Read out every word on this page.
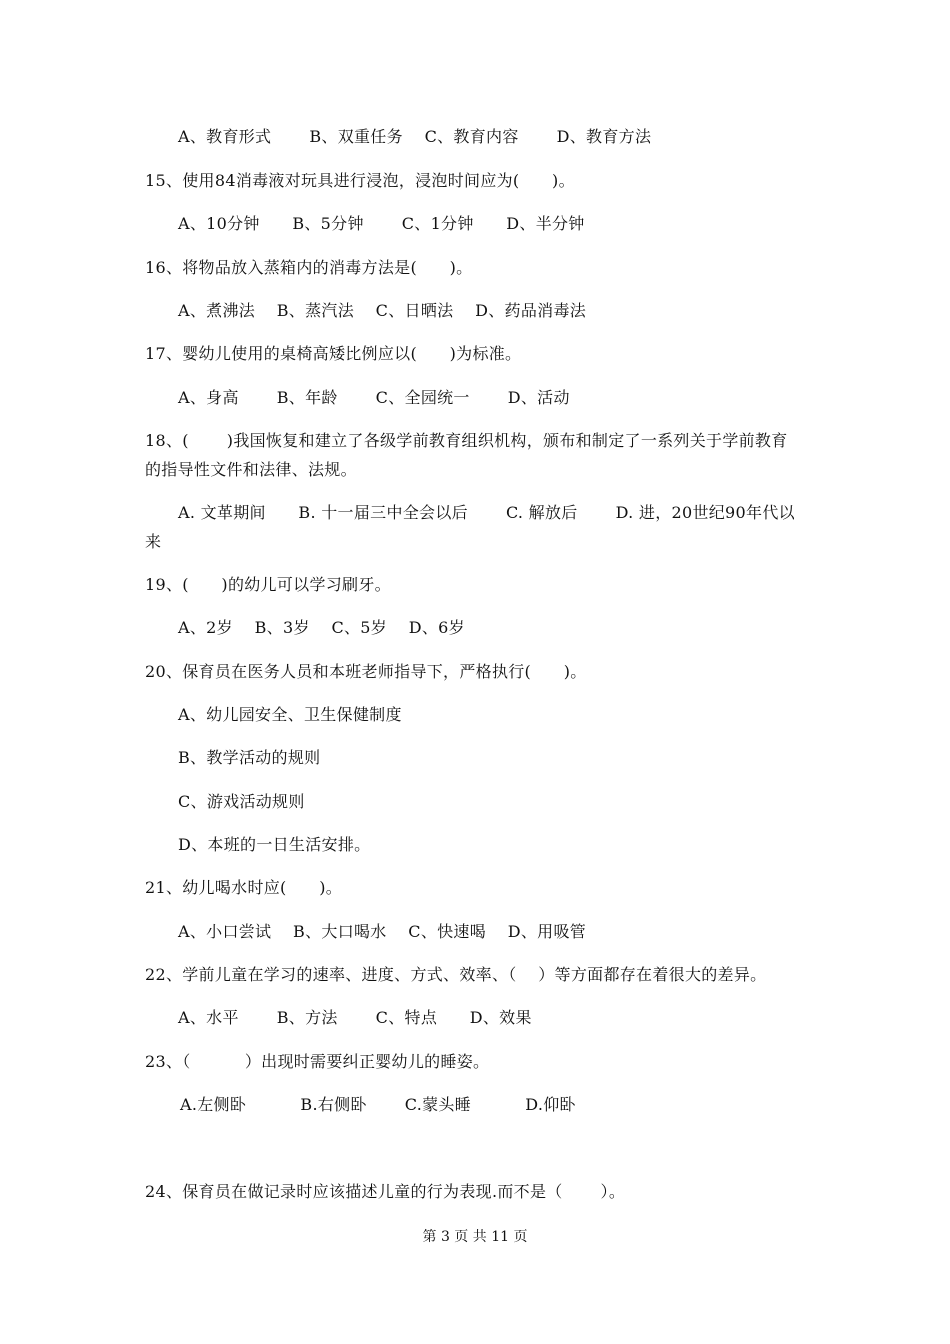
A、教育形式　　 B、双重任务　 C、教育内容　　 D、教育方法
15、使用84消毒液对玩具进行浸泡，浸泡时间应为(　　)。
A、10分钟　　B、5分钟　　 C、1分钟　　D、半分钟
16、将物品放入蒸箱内的消毒方法是(　　)。
A、煮沸法　 B、蒸汽法　 C、日晒法　 D、药品消毒法
17、婴幼儿使用的桌椅高矮比例应以(　　)为标准。
A、身高　　 B、年龄　　 C、全园统一　　 D、活动
18、(　　 )我国恢复和建立了各级学前教育组织机构，颁布和制定了一系列关于学前教育
的指导性文件和法律、法规。
A. 文革期间　　B. 十一届三中全会以后　　 C. 解放后　　 D. 进，20世纪90年代以
来
19、(　　)的幼儿可以学习刷牙。
A、2岁　 B、3岁　 C、5岁　 D、6岁
20、保育员在医务人员和本班老师指导下，严格执行(　　)。
A、幼儿园安全、卫生保健制度
B、教学活动的规则
C、游戏活动规则
D、本班的一日生活安排。
21、幼儿喝水时应(　　)。
A、小口尝试　 B、大口喝水　 C、快速喝　 D、用吸管
22、学前儿童在学习的速率、进度、方式、效率、（　 ）等方面都存在着很大的差异。
A、水平　　 B、方法　　 C、特点　　D、效果
23、（　　　 ）出现时需要纠正婴幼儿的睡姿。
A.左侧卧　　　 B.右侧卧　　 C.蒙头睡　　　 D.仰卧
24、保育员在做记录时应该描述儿童的行为表现.而不是（　　 ）。
第 3 页 共 11 页
